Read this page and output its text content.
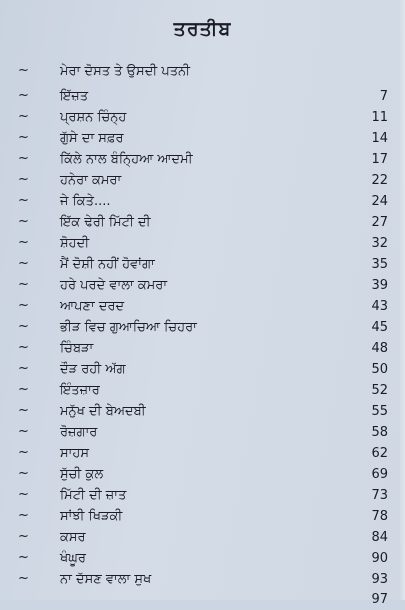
ਤਰਤੀਬ
~ ਮੇਰਾ ਦੋਸਤ ਤੇ ਉਸਦੀ ਪਤਨੀ
~ ਇੱਜ਼ਤ	7
~ ਪ੍ਰਸ਼ਨ ਚਿੰਨ੍ਹ	11
~ ਗੁੱਸੇ ਦਾ ਸਫ਼ਰ	14
~ ਕਿੱਲੇ ਨਾਲ ਬੰਨ੍ਹਿਆ ਆਦਮੀ	17
~ ਹਨੇਰਾ ਕਮਰਾ	22
~ ਜੇ ਕਿਤੇ....	24
~ ਇੱਕ ਢੇਰੀ ਮਿੱਟੀ ਦੀ	27
~ ਸ਼ੋਹਦੀ	32
~ ਮੈਂ ਦੋਸ਼ੀ ਨਹੀਂ ਹੋਵਾਂਗਾ	35
~ ਹਰੇ ਪਰਦੇ ਵਾਲਾ ਕਮਰਾ	39
~ ਆਪਣਾ ਦਰਦ	43
~ ਭੀੜ ਵਿਚ ਗੁਆਚਿਆ ਚਿਹਰਾ	45
~ ਚਿੰਬੜਾ	48
~ ਦੌੜ ਰਹੀ ਅੱਗ	50
~ ਇੰਤਜ਼ਾਰ	52
~ ਮਨੁੱਖ ਦੀ ਬੇਅਦਬੀ	55
~ ਰੋਜ਼ਗਾਰ	58
~ ਸਾਹਸ	62
~ ਸੁੱਚੀ ਕੁਲ	69
~ ਮਿੱਟੀ ਦੀ ਜ਼ਾਤ	73
~ ਸਾਂਝੀ ਖਿੜਕੀ	78
~ ਕਸਰ	84
~ ਖੰਘੂਰ	90
~ ਨਾ ਦੱਸਣ ਵਾਲਾ ਸੁਖ	93
97
